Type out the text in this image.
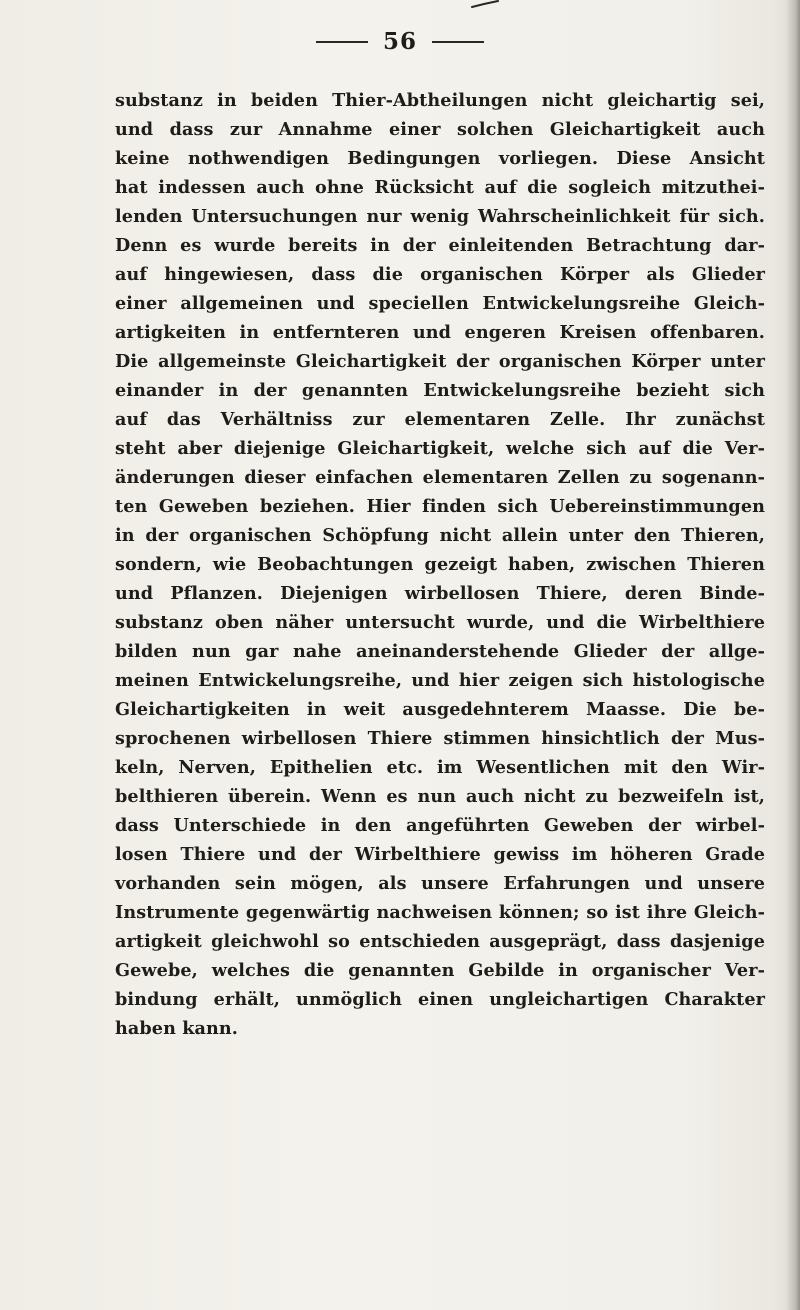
56
substanz in beiden Thier-Abtheilungen nicht gleichartig sei,
und dass zur Annahme einer solchen Gleichartigkeit auch
keine nothwendigen Bedingungen vorliegen. Diese Ansicht
hat indessen auch ohne Rücksicht auf die sogleich mitzuthei-
lenden Untersuchungen nur wenig Wahrscheinlichkeit für sich.
Denn es wurde bereits in der einleitenden Betrachtung dar-
auf hingewiesen, dass die organischen Körper als Glieder
einer allgemeinen und speciellen Entwickelungsreihe Gleich-
artigkeiten in entfernteren und engeren Kreisen offenbaren.
Die allgemeinste Gleichartigkeit der organischen Körper unter
einander in der genannten Entwickelungsreihe bezieht sich
auf das Verhältniss zur elementaren Zelle. Ihr zunächst
steht aber diejenige Gleichartigkeit, welche sich auf die Ver-
änderungen dieser einfachen elementaren Zellen zu sogenann-
ten Geweben beziehen. Hier finden sich Uebereinstimmungen
in der organischen Schöpfung nicht allein unter den Thieren,
sondern, wie Beobachtungen gezeigt haben, zwischen Thieren
und Pflanzen. Diejenigen wirbellosen Thiere, deren Binde-
substanz oben näher untersucht wurde, und die Wirbelthiere
bilden nun gar nahe aneinanderstehende Glieder der allge-
meinen Entwickelungsreihe, und hier zeigen sich histologische
Gleichartigkeiten in weit ausgedehnterem Maasse. Die be-
sprochenen wirbellosen Thiere stimmen hinsichtlich der Mus-
keln, Nerven, Epithelien etc. im Wesentlichen mit den Wir-
belthieren überein. Wenn es nun auch nicht zu bezweifeln ist,
dass Unterschiede in den angeführten Geweben der wirbel-
losen Thiere und der Wirbelthiere gewiss im höheren Grade
vorhanden sein mögen, als unsere Erfahrungen und unsere
Instrumente gegenwärtig nachweisen können; so ist ihre Gleich-
artigkeit gleichwohl so entschieden ausgeprägt, dass dasjenige
Gewebe, welches die genannten Gebilde in organischer Ver-
bindung erhält, unmöglich einen ungleichartigen Charakter
haben kann.
